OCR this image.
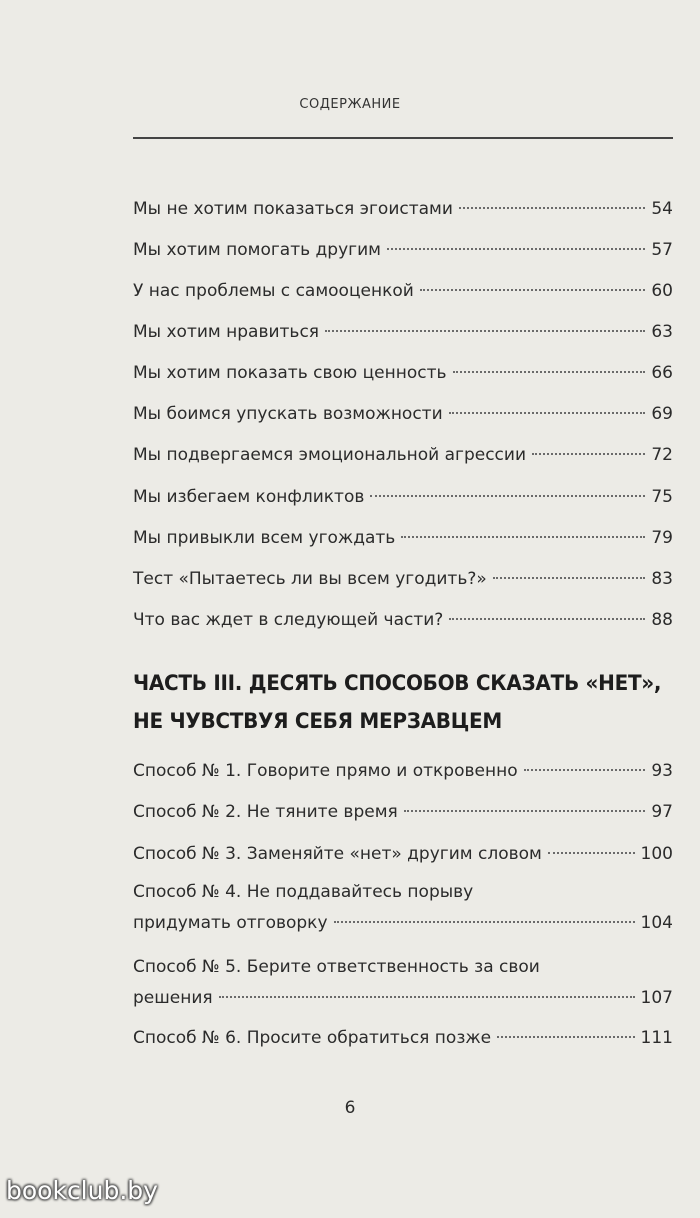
СОДЕРЖАНИЕ
Мы не хотим показаться эгоистами	54
Мы хотим помогать другим	57
У нас проблемы с самооценкой	60
Мы хотим нравиться	63
Мы хотим показать свою ценность	66
Мы боимся упускать возможности	69
Мы подвергаемся эмоциональной агрессии	72
Мы избегаем конфликтов	75
Мы привыкли всем угождать	79
Тест «Пытаетесь ли вы всем угодить?»	83
Что вас ждет в следующей части?	88
ЧАСТЬ III. ДЕСЯТЬ СПОСОБОВ СКАЗАТЬ «НЕТ»,
НЕ ЧУВСТВУЯ СЕБЯ МЕРЗАВЦЕМ
Способ № 1. Говорите прямо и откровенно	93
Способ № 2. Не тяните время	97
Способ № 3. Заменяйте «нет» другим словом	100
Способ № 4. Не поддавайтесь порыву
придумать отговорку	104
Способ № 5. Берите ответственность за свои
решения	107
Способ № 6. Просите обратиться позже	111
6
bookclub.by
